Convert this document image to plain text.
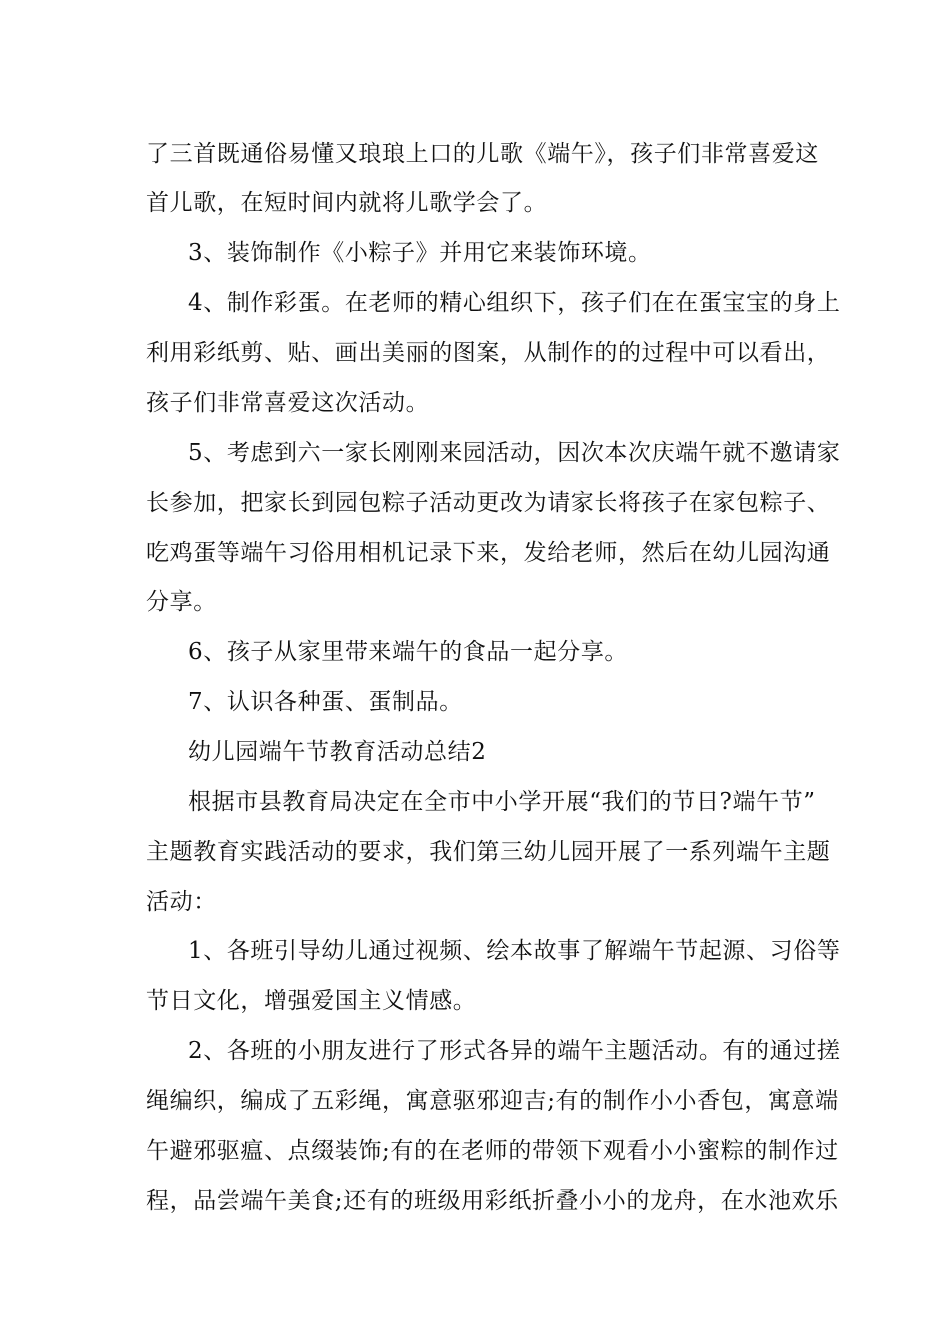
了三首既通俗易懂又琅琅上口的儿歌《端午》，孩子们非常喜爱这
首儿歌，在短时间内就将儿歌学会了。
3、装饰制作《小粽子》并用它来装饰环境。
4、制作彩蛋。在老师的精心组织下，孩子们在在蛋宝宝的身上
利用彩纸剪、贴、画出美丽的图案，从制作的的过程中可以看出，
孩子们非常喜爱这次活动。
5、考虑到六一家长刚刚来园活动，因次本次庆端午就不邀请家
长参加，把家长到园包粽子活动更改为请家长将孩子在家包粽子、
吃鸡蛋等端午习俗用相机记录下来，发给老师，然后在幼儿园沟通
分享。
6、孩子从家里带来端午的食品一起分享。
7、认识各种蛋、蛋制品。
幼儿园端午节教育活动总结2
根据市县教育局决定在全市中小学开展“我们的节日?端午节”
主题教育实践活动的要求，我们第三幼儿园开展了一系列端午主题
活动：
1、各班引导幼儿通过视频、绘本故事了解端午节起源、习俗等
节日文化，增强爱国主义情感。
2、各班的小朋友进行了形式各异的端午主题活动。有的通过搓
绳编织，编成了五彩绳，寓意驱邪迎吉;有的制作小小香包，寓意端
午避邪驱瘟、点缀装饰;有的在老师的带领下观看小小蜜粽的制作过
程，品尝端午美食;还有的班级用彩纸折叠小小的龙舟，在水池欢乐
